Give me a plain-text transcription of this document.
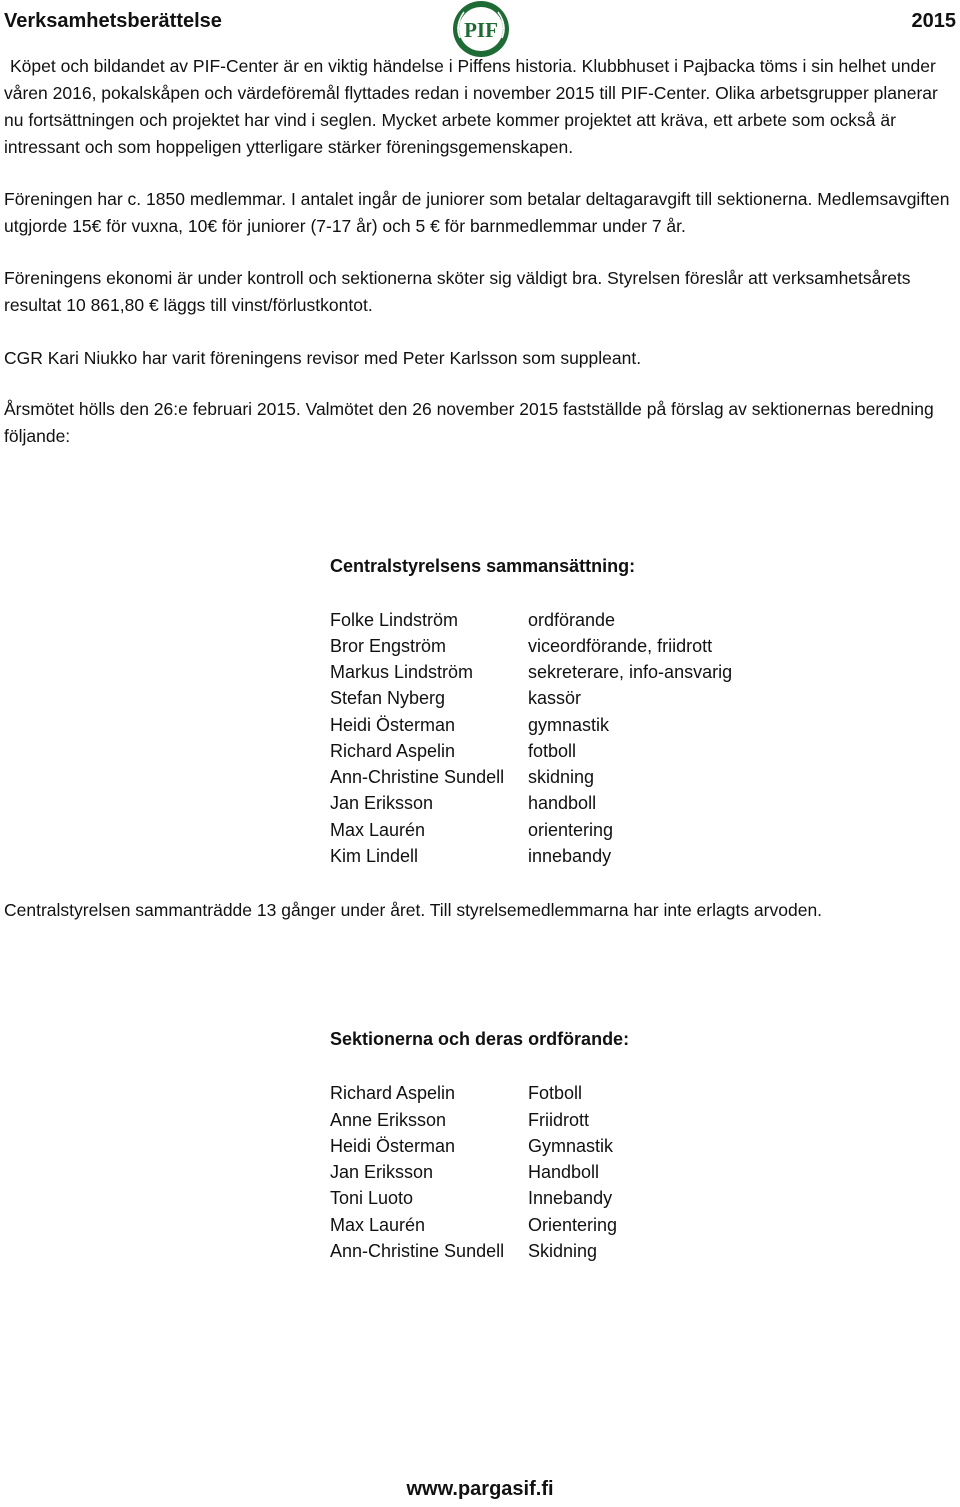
Verksamhetsberättelse	PIF	2015

Köpet och bildandet av PIF-Center är en viktig händelse i Piffens historia. Klubbhuset i Pajbacka töms i sin helhet under våren 2016, pokalskåpen och värdeföremål flyttades redan i november 2015 till PIF-Center. Olika arbetsgrupper planerar nu fortsättningen och projektet har vind i seglen. Mycket arbete kommer projektet att kräva, ett arbete som också är intressant och som hoppeligen ytterligare stärker föreningsgemenskapen.

Föreningen har c. 1850 medlemmar. I antalet ingår de juniorer som betalar deltagaravgift till sektionerna. Medlemsavgiften utgjorde 15€ för vuxna, 10€ för juniorer (7-17 år) och 5 € för barnmedlemmar under 7 år.

Föreningens ekonomi är under kontroll och sektionerna sköter sig väldigt bra. Styrelsen föreslår att verksamhetsårets resultat 10 861,80 € läggs till vinst/förlustkontot.

CGR Kari Niukko har varit föreningens revisor med Peter Karlsson som suppleant.

Årsmötet hölls den 26:e februari 2015. Valmötet den 26 november 2015 fastställde på förslag av sektionernas beredning följande:

Centralstyrelsens sammansättning:
Folke Lindström	ordförande
Bror Engström	viceordförande, friidrott
Markus Lindström	sekreterare, info-ansvarig
Stefan Nyberg	kassör
Heidi Österman	gymnastik
Richard Aspelin	fotboll
Ann-Christine Sundell skidning
Jan Eriksson	handboll
Max Laurén	orientering
Kim Lindell	innebandy

Centralstyrelsen sammanträdde 13 gånger under året. Till styrelsemedlemmarna har inte erlagts arvoden.

Sektionerna och deras ordförande:
Richard Aspelin	Fotboll
Anne Eriksson	Friidrott
Heidi Österman	Gymnastik
Jan Eriksson	Handboll
Toni Luoto	Innebandy
Max Laurén	Orientering
Ann-Christine Sundell Skidning
www.pargasif.fi
